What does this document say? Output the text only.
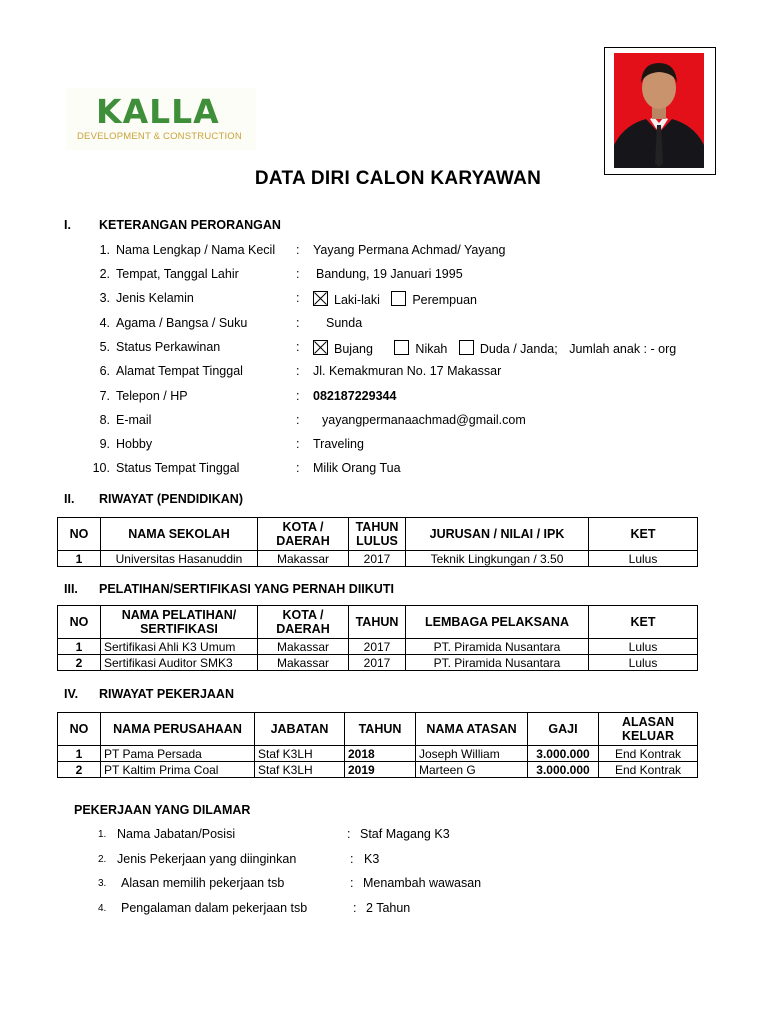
KALLA
DEVELOPMENT & CONSTRUCTION
DATA DIRI CALON KARYAWAN
I. KETERANGAN PERORANGAN
1. Nama Lengkap / Nama Kecil : Yayang Permana Achmad/ Yayang
2. Tempat, Tanggal Lahir	: Bandung, 19 Januari 1995
3. Jenis Kelamin	:	Laki-laki	Perempuan
4. Agama / Bangsa / Suku	: Sunda
5. Status Perkawinan	:	Bujang	Nikah	Duda / Janda; Jumlah anak : - org
6. Alamat Tempat Tinggal	: Jl. Kemakmuran No. 17 Makassar
7. Telepon / HP	: 082187229344
8. E-mail	: yayangpermanaachmad@gmail.com
9. Hobby	: Traveling
10. Status Tempat Tinggal	: Milik Orang Tua
II. RIWAYAT (PENDIDIKAN)
NO	NAMA SEKOLAH	KOTA / DAERAH	TAHUN LULUS	JURUSAN / NILAI / IPK	KET
1	Universitas Hasanuddin	Makassar	2017	Teknik Lingkungan / 3.50	Lulus
III. PELATIHAN/SERTIFIKASI YANG PERNAH DIIKUTI
NO	NAMA PELATIHAN/ SERTIFIKASI	KOTA / DAERAH	TAHUN	LEMBAGA PELAKSANA	KET
1	Sertifikasi Ahli K3 Umum	Makassar	2017	PT. Piramida Nusantara	Lulus
2	Sertifikasi Auditor SMK3	Makassar	2017	PT. Piramida Nusantara	Lulus
IV. RIWAYAT PEKERJAAN
NO	NAMA PERUSAHAAN	JABATAN	TAHUN	NAMA ATASAN	GAJI	ALASAN KELUAR
1	PT Pama Persada	Staf K3LH	2018	Joseph William	3.000.000	End Kontrak
2	PT Kaltim Prima Coal	Staf K3LH	2019	Marteen G	3.000.000	End Kontrak
PEKERJAAN YANG DILAMAR
1. Nama Jabatan/Posisi	: Staf Magang K3
2. Jenis Pekerjaan yang diinginkan	: K3
3. Alasan memilih pekerjaan tsb	: Menambah wawasan
4. Pengalaman dalam pekerjaan tsb	: 2 Tahun
